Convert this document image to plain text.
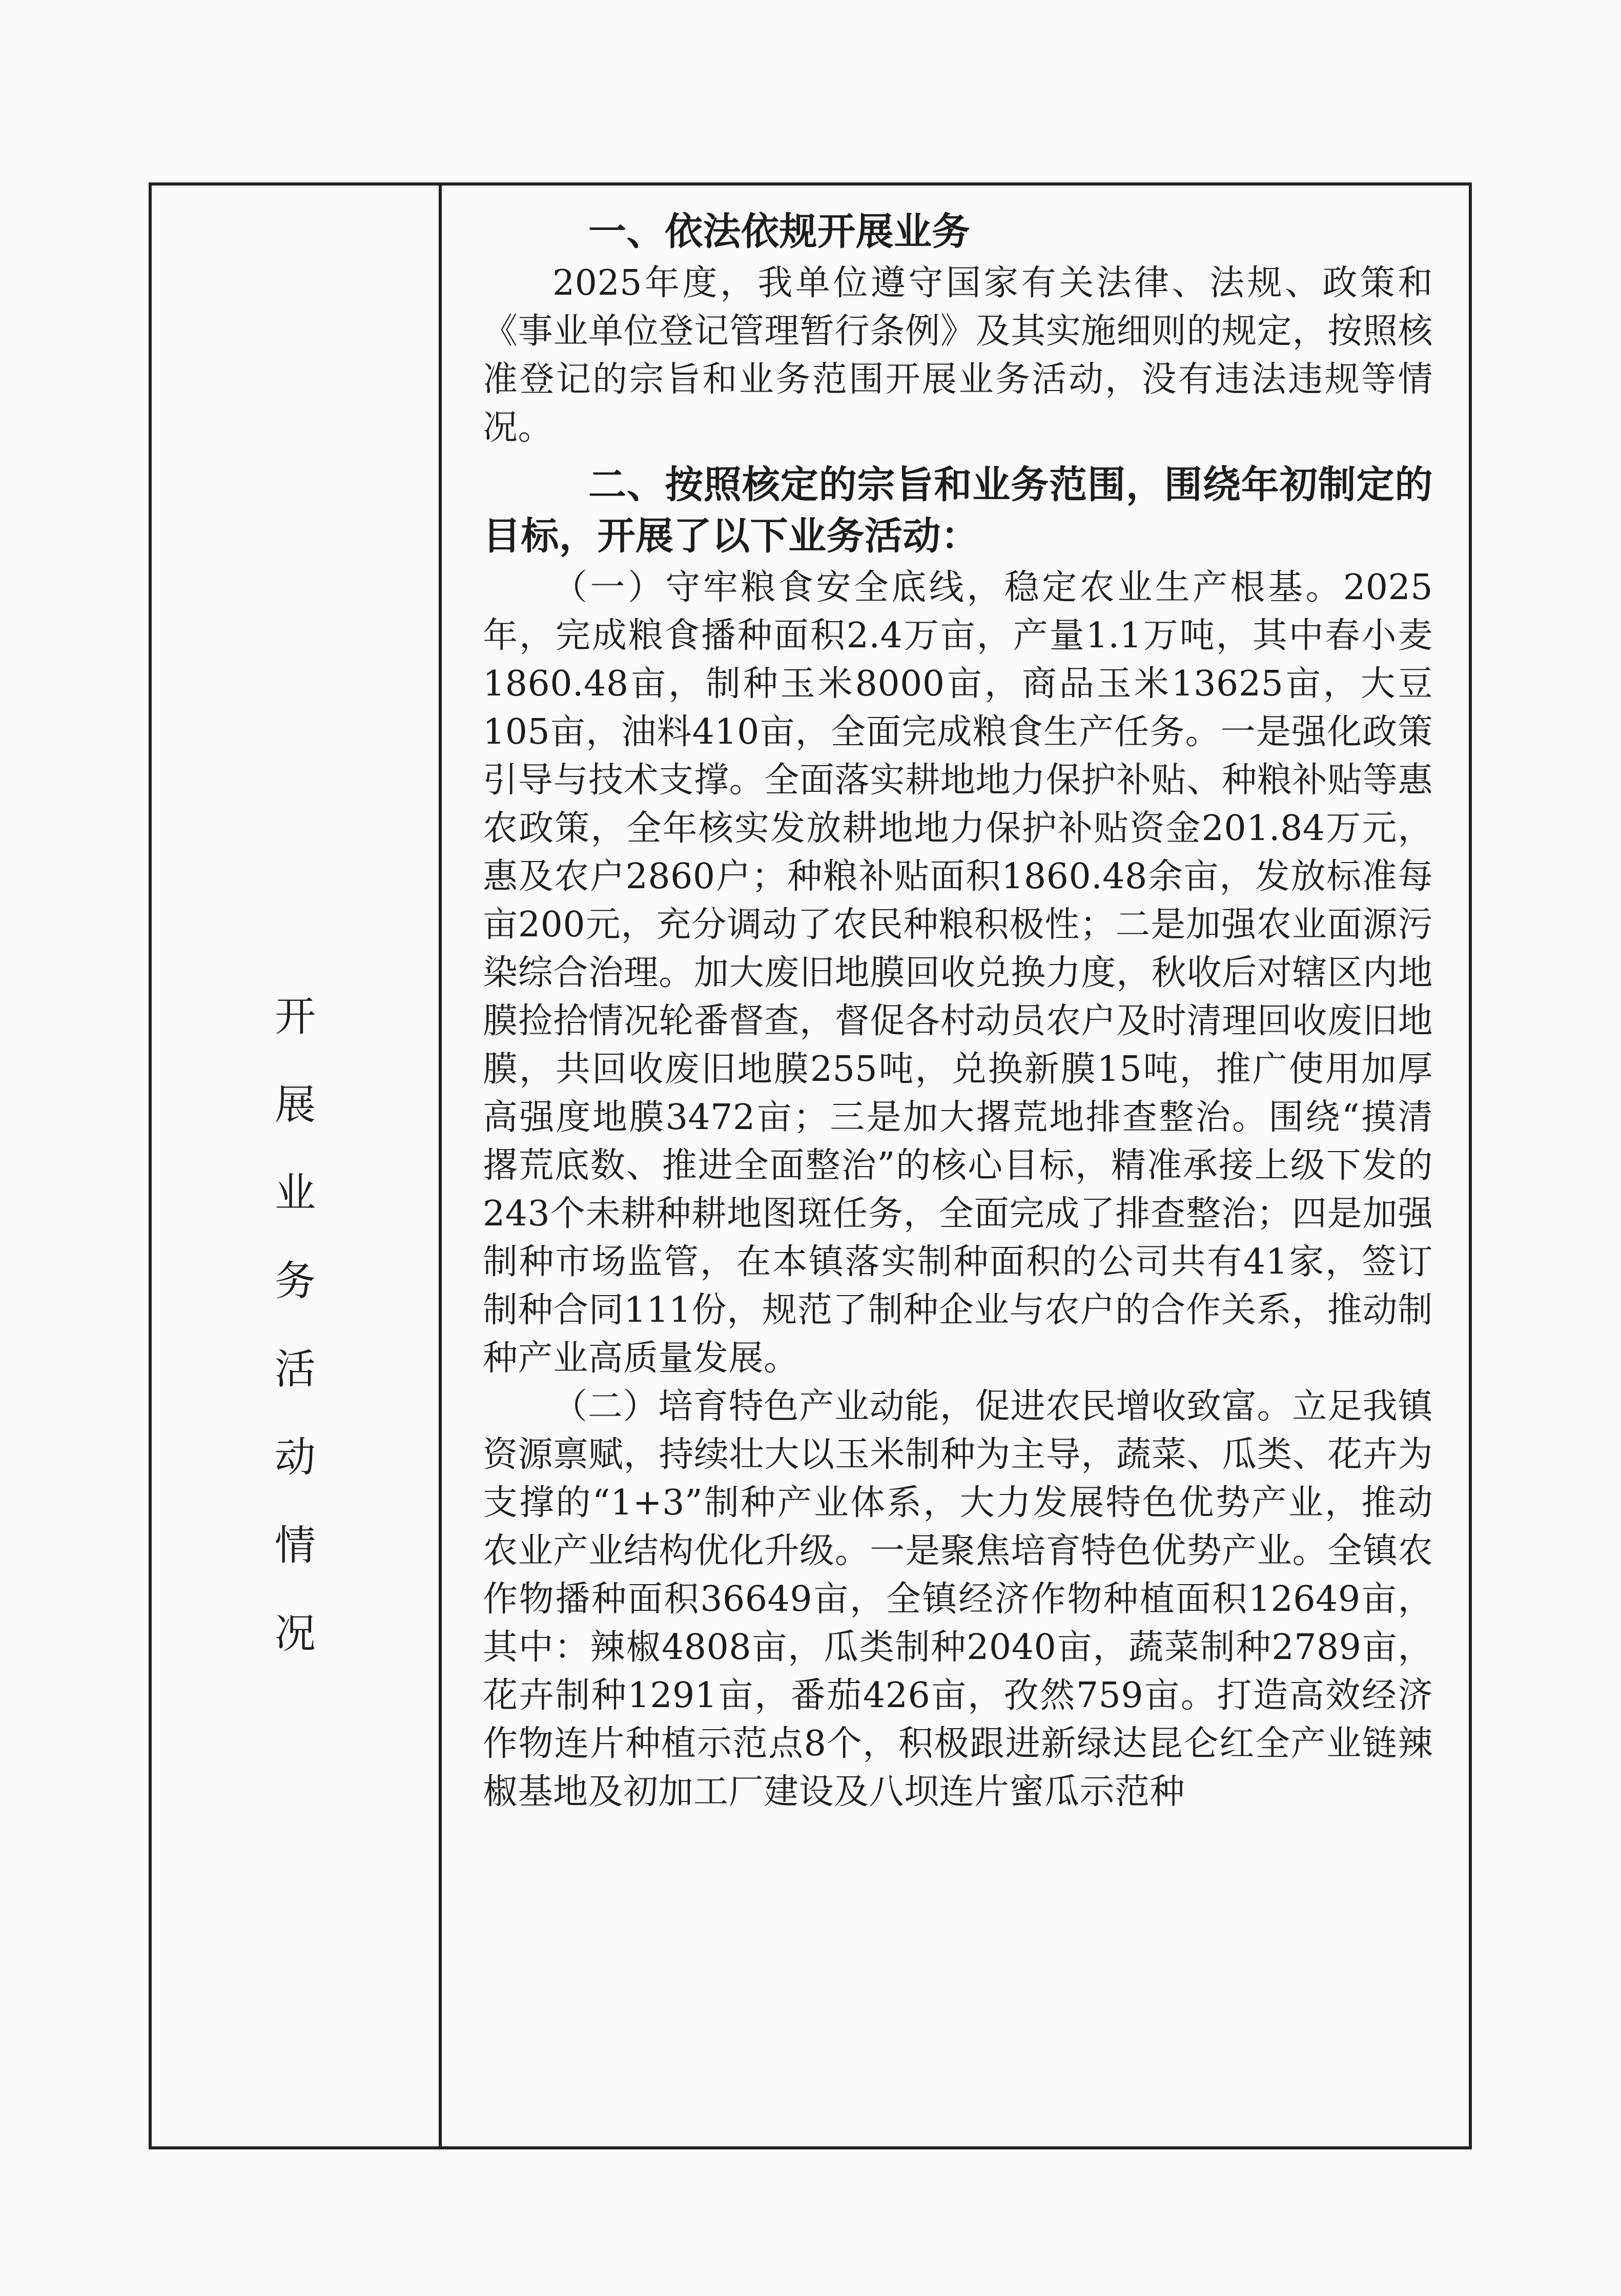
开
展
业
务
活
动
情
况

一、依法依规开展业务

2025年度，我单位遵守国家有关法律、法规、政策和《事业单位登记管理暂行条例》及其实施细则的规定，按照核准登记的宗旨和业务范围开展业务活动，没有违法违规等情况。

二、按照核定的宗旨和业务范围，围绕年初制定的目标，开展了以下业务活动：

（一）守牢粮食安全底线，稳定农业生产根基。2025年，完成粮食播种面积2.4万亩，产量1.1万吨，其中春小麦1860.48亩，制种玉米8000亩，商品玉米13625亩，大豆105亩，油料410亩，全面完成粮食生产任务。一是强化政策引导与技术支撑。全面落实耕地地力保护补贴、种粮补贴等惠农政策，全年核实发放耕地地力保护补贴资金201.84万元，惠及农户2860户；种粮补贴面积1860.48余亩，发放标准每亩200元，充分调动了农民种粮积极性；二是加强农业面源污染综合治理。加大废旧地膜回收兑换力度，秋收后对辖区内地膜捡拾情况轮番督查，督促各村动员农户及时清理回收废旧地膜，共回收废旧地膜255吨，兑换新膜15吨，推广使用加厚高强度地膜3472亩；三是加大撂荒地排查整治。围绕“摸清撂荒底数、推进全面整治”的核心目标，精准承接上级下发的243个未耕种耕地图斑任务，全面完成了排查整治；四是加强制种市场监管，在本镇落实制种面积的公司共有41家，签订制种合同111份，规范了制种企业与农户的合作关系，推动制种产业高质量发展。

（二）培育特色产业动能，促进农民增收致富。立足我镇资源禀赋，持续壮大以玉米制种为主导，蔬菜、瓜类、花卉为支撑的“1+3”制种产业体系，大力发展特色优势产业，推动农业产业结构优化升级。一是聚焦培育特色优势产业。全镇农作物播种面积36649亩，全镇经济作物种植面积12649亩，其中：辣椒4808亩，瓜类制种2040亩，蔬菜制种2789亩，花卉制种1291亩，番茄426亩，孜然759亩。打造高效经济作物连片种植示范点8个，积极跟进新绿达昆仑红全产业链辣椒基地及初加工厂建设及八坝连片蜜瓜示范种
